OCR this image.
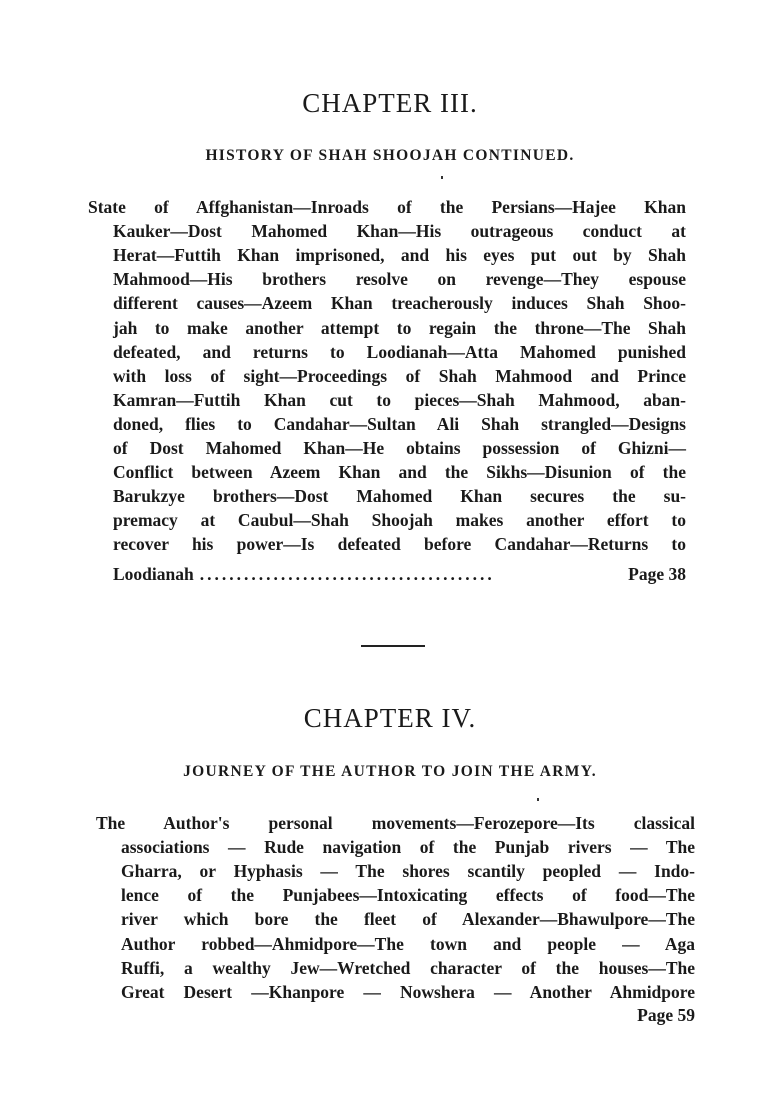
CHAPTER III.
HISTORY OF SHAH SHOOJAH CONTINUED.
State of Affghanistan—Inroads of the Persians—Hajee Khan
Kauker—Dost Mahomed Khan—His outrageous conduct at
Herat—Futtih Khan imprisoned, and his eyes put out by Shah
Mahmood—His brothers resolve on revenge—They espouse
different causes—Azeem Khan treacherously induces Shah Shoo-
jah to make another attempt to regain the throne—The Shah
defeated, and returns to Loodianah—Atta Mahomed punished
with loss of sight—Proceedings of Shah Mahmood and Prince
Kamran—Futtih Khan cut to pieces—Shah Mahmood, aban-
doned, flies to Candahar—Sultan Ali Shah strangled—Designs
of Dost Mahomed Khan—He obtains possession of Ghizni—
Conflict between Azeem Khan and the Sikhs—Disunion of the
Barukzye brothers—Dost Mahomed Khan secures the su-
premacy at Caubul—Shah Shoojah makes another effort to
recover his power—Is defeated before Candahar—Returns to
Loodianah ........................................	Page 38
CHAPTER IV.
JOURNEY OF THE AUTHOR TO JOIN THE ARMY.
The Author's personal movements—Ferozepore—Its classical
associations — Rude navigation of the Punjab rivers — The
Gharra, or Hyphasis — The shores scantily peopled — Indo-
lence of the Punjabees—Intoxicating effects of food—The
river which bore the fleet of Alexander—Bhawulpore—The
Author robbed—Ahmidpore—The town and people — Aga
Ruffi, a wealthy Jew—Wretched character of the houses—The
Great Desert —Khanpore — Nowshera — Another Ahmidpore
Page 59
